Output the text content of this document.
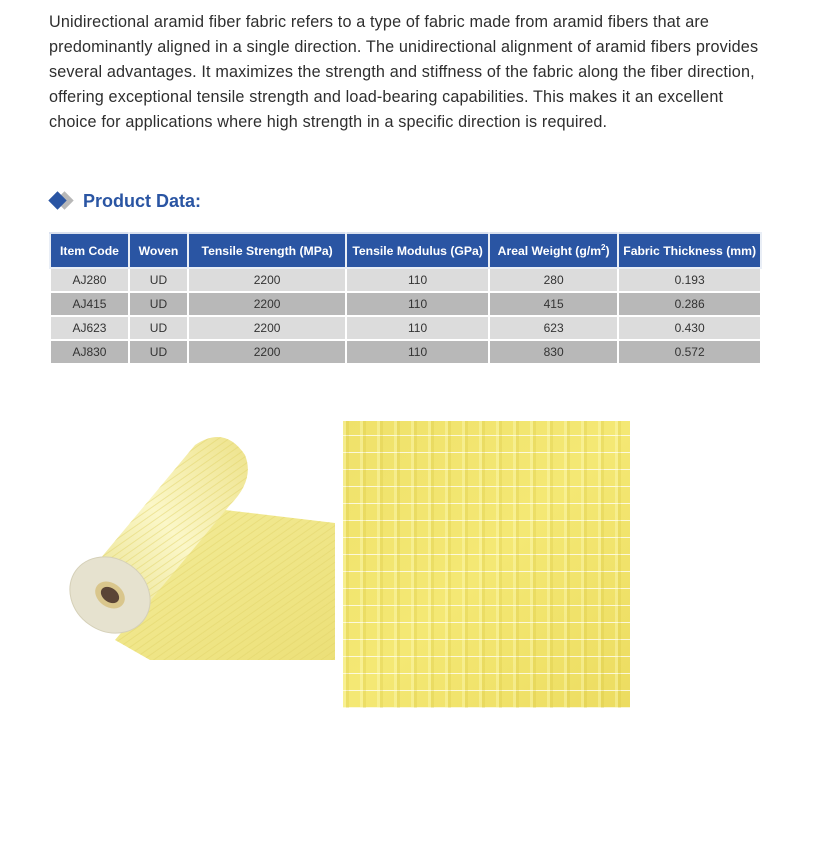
Unidirectional aramid fiber fabric refers to a type of fabric made from aramid fibers that are predominantly aligned in a single direction. The unidirectional alignment of aramid fibers provides several advantages. It maximizes the strength and stiffness of the fabric along the fiber direction, offering exceptional tensile strength and load-bearing capabilities. This makes it an excellent choice for applications where high strength in a specific direction is required.

Product Data:
Item Code	Woven	Tensile Strength (MPa)	Tensile Modulus (GPa)	Areal Weight $(g/m^2)$	Fabric Thickness (mm)
AJ280	UD	2200	110	280	0.193
AJ415	UD	2200	110	415	0.286
AJ623	UD	2200	110	623	0.430
AJ830	UD	2200	110	830	0.572
